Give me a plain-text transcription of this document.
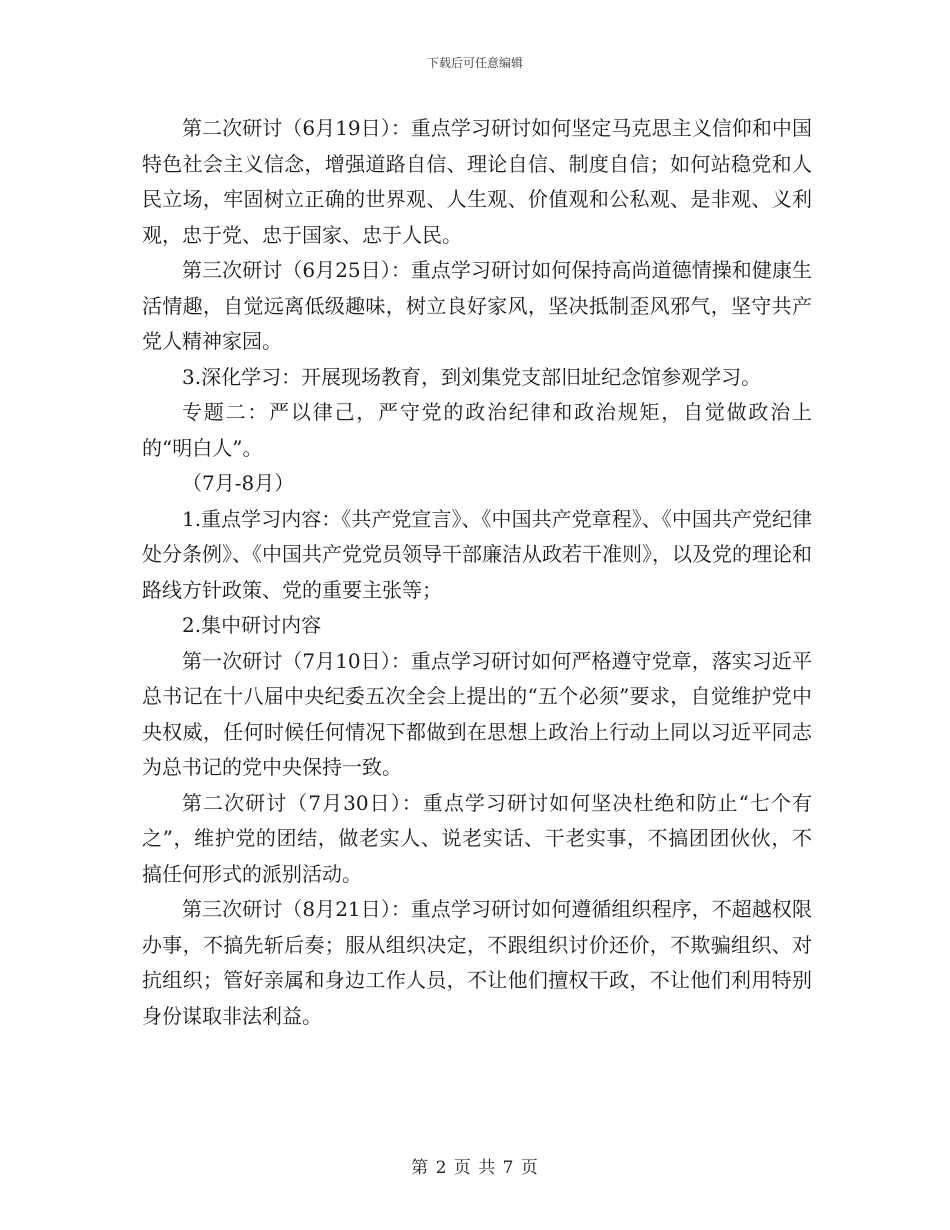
下载后可任意编辑

第二次研讨（6月19日）：重点学习研讨如何坚定马克思主义信仰和中国特色社会主义信念，增强道路自信、理论自信、制度自信；如何站稳党和人民立场，牢固树立正确的世界观、人生观、价值观和公私观、是非观、义利观，忠于党、忠于国家、忠于人民。

第三次研讨（6月25日）：重点学习研讨如何保持高尚道德情操和健康生活情趣，自觉远离低级趣味，树立良好家风，坚决抵制歪风邪气，坚守共产党人精神家园。

3.深化学习：开展现场教育，到刘集党支部旧址纪念馆参观学习。

专题二：严以律己，严守党的政治纪律和政治规矩，自觉做政治上的“明白人”。

（7月-8月）

1.重点学习内容：《共产党宣言》、《中国共产党章程》、《中国共产党纪律处分条例》、《中国共产党党员领导干部廉洁从政若干准则》，以及党的理论和路线方针政策、党的重要主张等；

2.集中研讨内容

第一次研讨（7月10日）：重点学习研讨如何严格遵守党章，落实习近平总书记在十八届中央纪委五次全会上提出的“五个必须”要求，自觉维护党中央权威，任何时候任何情况下都做到在思想上政治上行动上同以习近平同志为总书记的党中央保持一致。

第二次研讨（7月30日）：重点学习研讨如何坚决杜绝和防止“七个有之”，维护党的团结，做老实人、说老实话、干老实事，不搞团团伙伙，不搞任何形式的派别活动。

第三次研讨（8月21日）：重点学习研讨如何遵循组织程序，不超越权限办事，不搞先斩后奏；服从组织决定，不跟组织讨价还价，不欺骗组织、对抗组织；管好亲属和身边工作人员，不让他们擅权干政，不让他们利用特别身份谋取非法利益。

第 2 页 共 7 页
